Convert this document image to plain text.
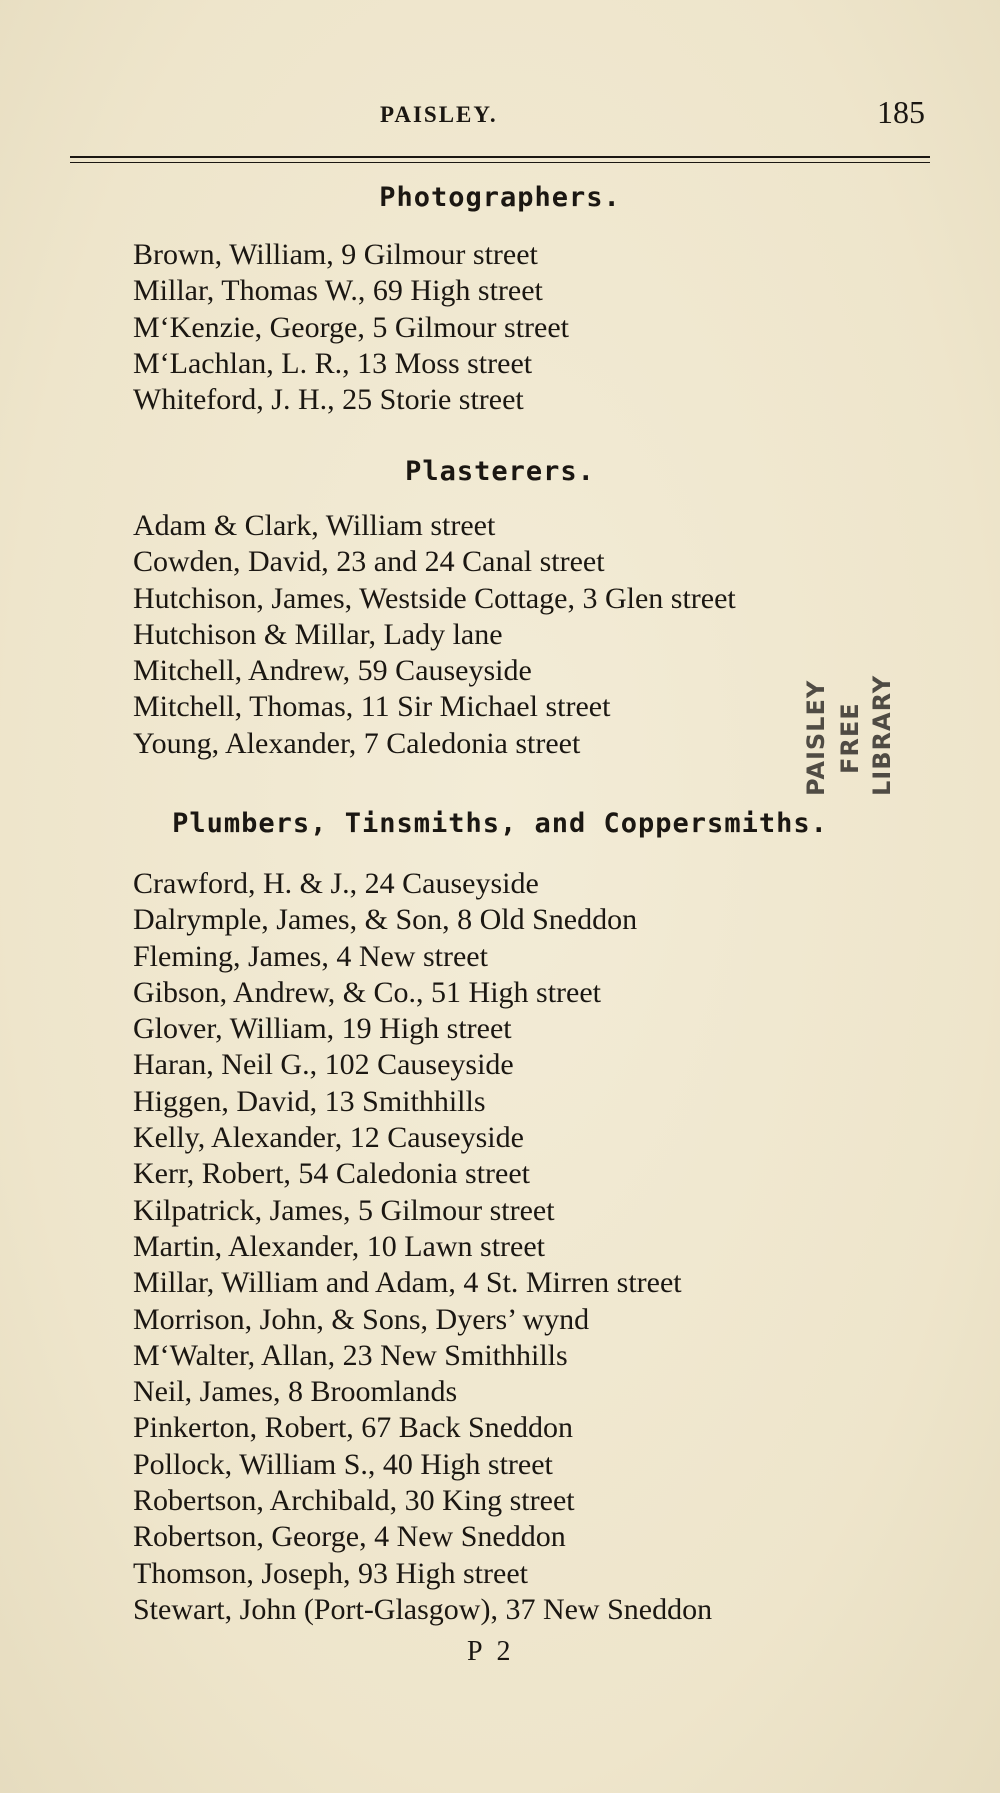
PAISLEY.	185
Photographers.
Brown, William, 9 Gilmour street
Millar, Thomas W., 69 High street
M‘Kenzie, George, 5 Gilmour street
M‘Lachlan, L. R., 13 Moss street
Whiteford, J. H., 25 Storie street
Plasterers.
Adam & Clark, William street
Cowden, David, 23 and 24 Canal street
Hutchison, James, Westside Cottage, 3 Glen street
Hutchison & Millar, Lady lane
Mitchell, Andrew, 59 Causeyside
Mitchell, Thomas, 11 Sir Michael street
Young, Alexander, 7 Caledonia street	PAISLEY FREE LIBRARY
Plumbers, Tinsmiths, and Coppersmiths.
Crawford, H. & J., 24 Causeyside
Dalrymple, James, & Son, 8 Old Sneddon
Fleming, James, 4 New street
Gibson, Andrew, & Co., 51 High street
Glover, William, 19 High street
Haran, Neil G., 102 Causeyside
Higgen, David, 13 Smithhills
Kelly, Alexander, 12 Causeyside
Kerr, Robert, 54 Caledonia street
Kilpatrick, James, 5 Gilmour street
Martin, Alexander, 10 Lawn street
Millar, William and Adam, 4 St. Mirren street
Morrison, John, & Sons, Dyers’ wynd
M‘Walter, Allan, 23 New Smithhills
Neil, James, 8 Broomlands
Pinkerton, Robert, 67 Back Sneddon
Pollock, William S., 40 High street
Robertson, Archibald, 30 King street
Robertson, George, 4 New Sneddon
Thomson, Joseph, 93 High street
Stewart, John (Port-Glasgow), 37 New Sneddon
P 2
